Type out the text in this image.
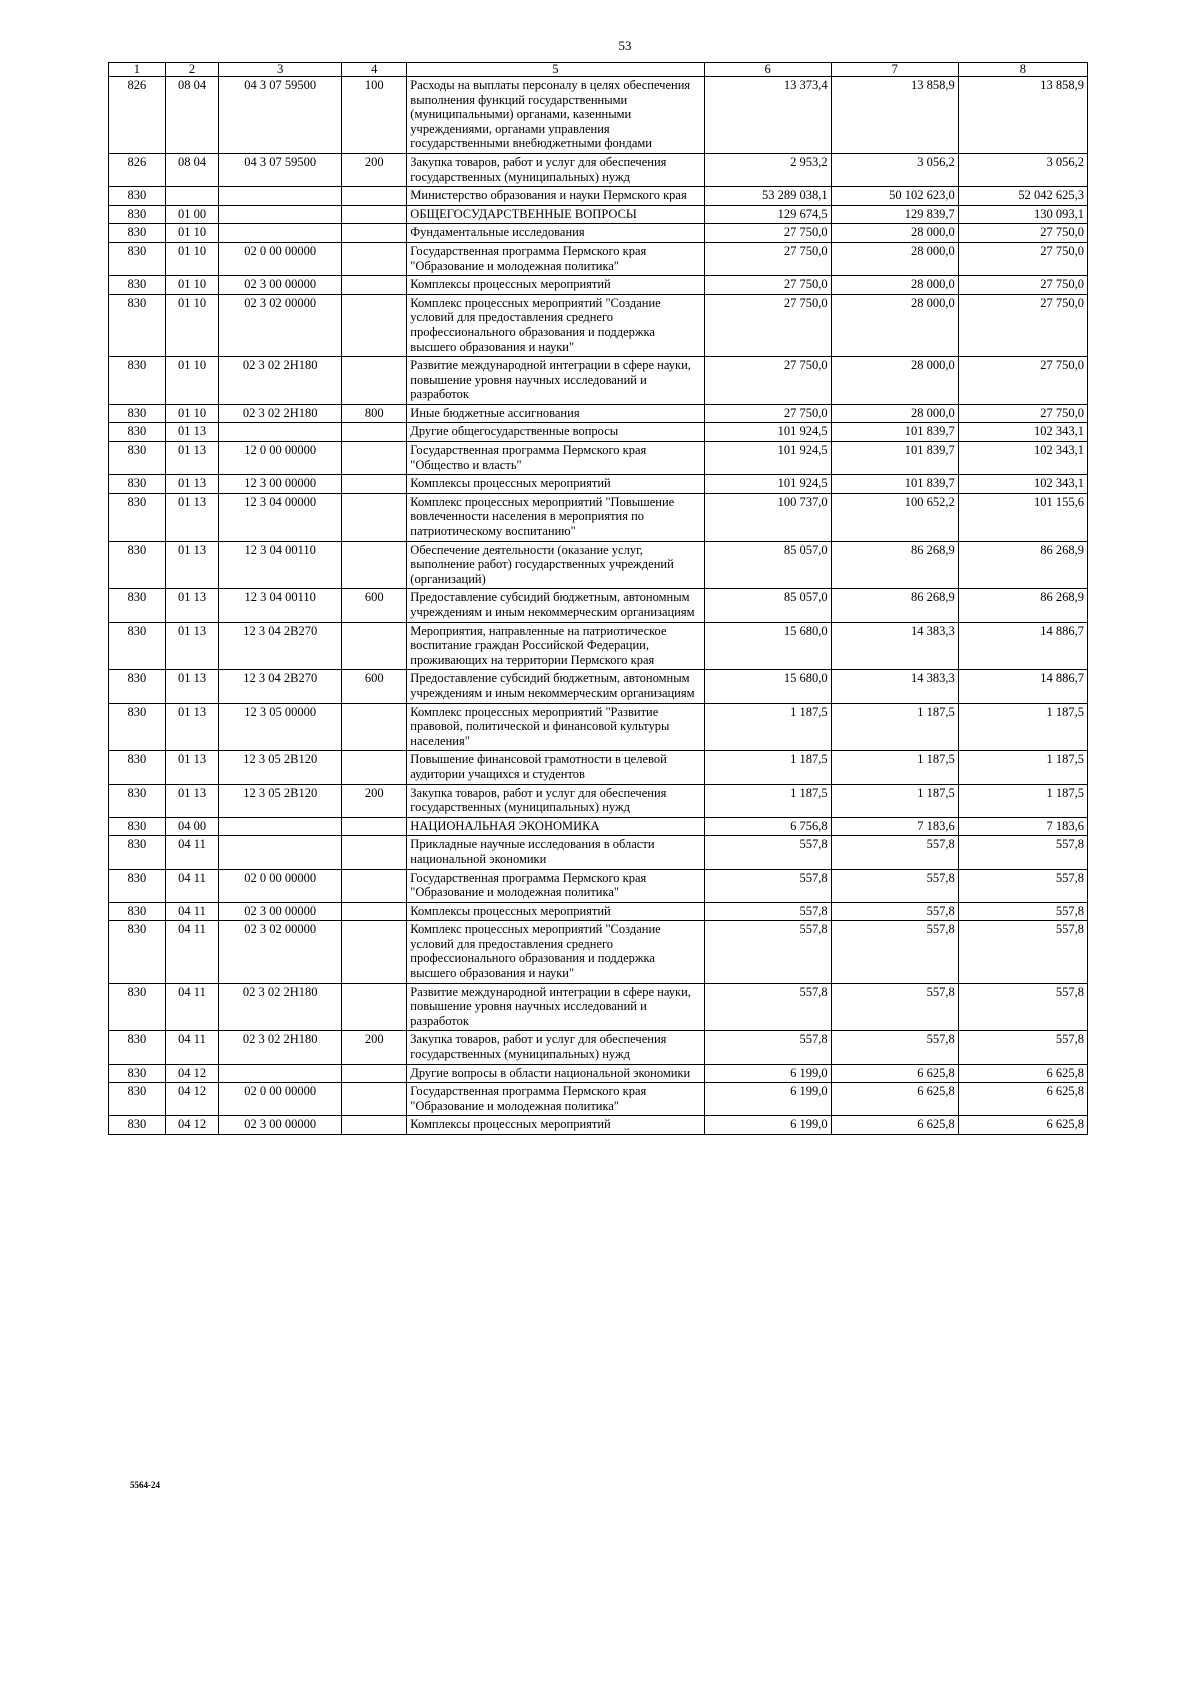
53
1	2	3	4	5	6	7	8
826	08 04	04 3 07 59500	100	Расходы на выплаты персоналу в целях обеспечения выполнения функций государственными (муниципальными) органами, казенными учреждениями, органами управления государственными внебюджетными фондами	13 373,4	13 858,9	13 858,9
826	08 04	04 3 07 59500	200	Закупка товаров, работ и услуг для обеспечения государственных (муниципальных) нужд	2 953,2	3 056,2	3 056,2
830				Министерство образования и науки Пермского края	53 289 038,1	50 102 623,0	52 042 625,3
830	01 00			ОБЩЕГОСУДАРСТВЕННЫЕ ВОПРОСЫ	129 674,5	129 839,7	130 093,1
830	01 10			Фундаментальные исследования	27 750,0	28 000,0	27 750,0
830	01 10	02 0 00 00000		Государственная программа Пермского края "Образование и молодежная политика"	27 750,0	28 000,0	27 750,0
830	01 10	02 3 00 00000		Комплексы процессных мероприятий	27 750,0	28 000,0	27 750,0
830	01 10	02 3 02 00000		Комплекс процессных мероприятий "Создание условий для предоставления среднего профессионального образования и поддержка высшего образования и науки"	27 750,0	28 000,0	27 750,0
830	01 10	02 3 02 2Н180		Развитие международной интеграции в сфере науки, повышение уровня научных исследований и разработок	27 750,0	28 000,0	27 750,0
830	01 10	02 3 02 2Н180	800	Иные бюджетные ассигнования	27 750,0	28 000,0	27 750,0
830	01 13			Другие общегосударственные вопросы	101 924,5	101 839,7	102 343,1
830	01 13	12 0 00 00000		Государственная программа Пермского края "Общество и власть"	101 924,5	101 839,7	102 343,1
830	01 13	12 3 00 00000		Комплексы процессных мероприятий	101 924,5	101 839,7	102 343,1
830	01 13	12 3 04 00000		Комплекс процессных мероприятий "Повышение вовлеченности населения в мероприятия по патриотическому воспитанию"	100 737,0	100 652,2	101 155,6
830	01 13	12 3 04 00110		Обеспечение деятельности (оказание услуг, выполнение работ) государственных учреждений (организаций)	85 057,0	86 268,9	86 268,9
830	01 13	12 3 04 00110	600	Предоставление субсидий бюджетным, автономным учреждениям и иным некоммерческим организациям	85 057,0	86 268,9	86 268,9
830	01 13	12 3 04 2В270		Мероприятия, направленные на патриотическое воспитание граждан Российской Федерации, проживающих на территории Пермского края	15 680,0	14 383,3	14 886,7
830	01 13	12 3 04 2В270	600	Предоставление субсидий бюджетным, автономным учреждениям и иным некоммерческим организациям	15 680,0	14 383,3	14 886,7
830	01 13	12 3 05 00000		Комплекс процессных мероприятий "Развитие правовой, политической и финансовой культуры населения"	1 187,5	1 187,5	1 187,5
830	01 13	12 3 05 2В120		Повышение финансовой грамотности в целевой аудитории учащихся и студентов	1 187,5	1 187,5	1 187,5
830	01 13	12 3 05 2В120	200	Закупка товаров, работ и услуг для обеспечения государственных (муниципальных) нужд	1 187,5	1 187,5	1 187,5
830	04 00			НАЦИОНАЛЬНАЯ ЭКОНОМИКА	6 756,8	7 183,6	7 183,6
830	04 11			Прикладные научные исследования в области национальной экономики	557,8	557,8	557,8
830	04 11	02 0 00 00000		Государственная программа Пермского края "Образование и молодежная политика"	557,8	557,8	557,8
830	04 11	02 3 00 00000		Комплексы процессных мероприятий	557,8	557,8	557,8
830	04 11	02 3 02 00000		Комплекс процессных мероприятий "Создание условий для предоставления среднего профессионального образования и поддержка высшего образования и науки"	557,8	557,8	557,8
830	04 11	02 3 02 2Н180		Развитие международной интеграции в сфере науки, повышение уровня научных исследований и разработок	557,8	557,8	557,8
830	04 11	02 3 02 2Н180	200	Закупка товаров, работ и услуг для обеспечения государственных (муниципальных) нужд	557,8	557,8	557,8
830	04 12			Другие вопросы в области национальной экономики	6 199,0	6 625,8	6 625,8
830	04 12	02 0 00 00000		Государственная программа Пермского края "Образование и молодежная политика"	6 199,0	6 625,8	6 625,8
830	04 12	02 3 00 00000		Комплексы процессных мероприятий	6 199,0	6 625,8	6 625,8
5564-24
